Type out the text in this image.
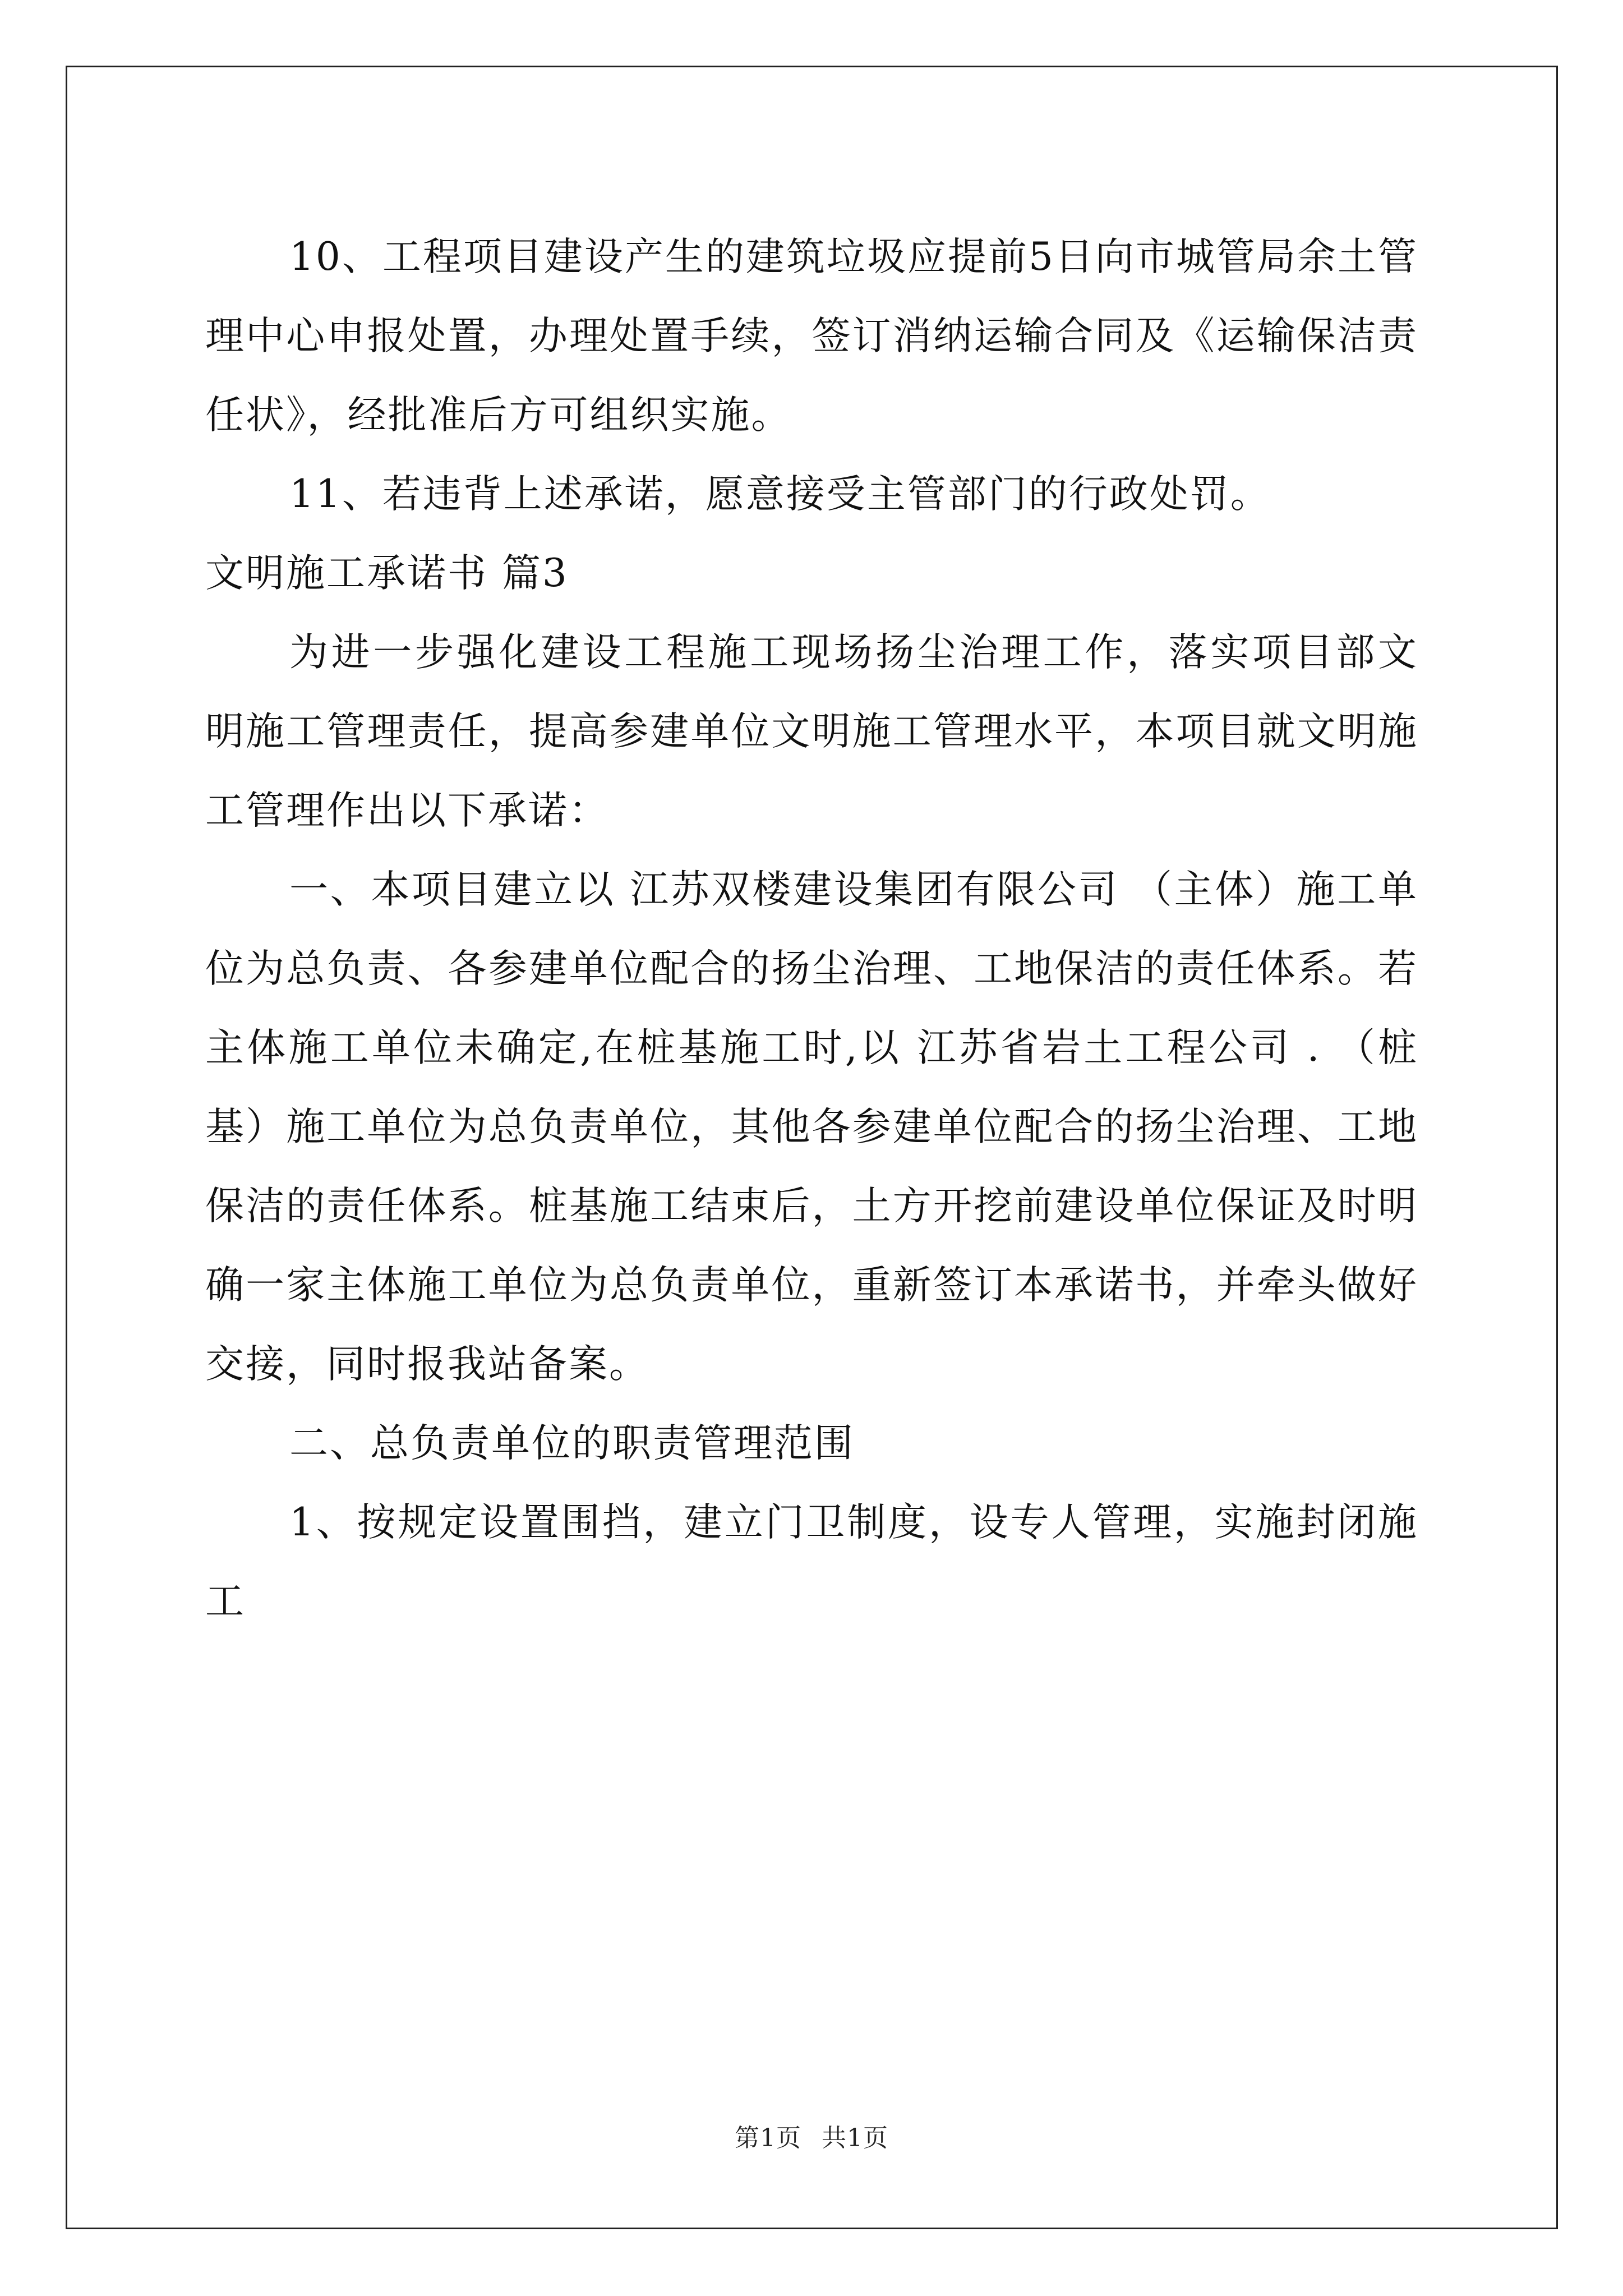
10、工程项目建设产生的建筑垃圾应提前5日向市城管局余土管理中心申报处置，办理处置手续，签订消纳运输合同及《运输保洁责任状》，经批准后方可组织实施。

11、若违背上述承诺，愿意接受主管部门的行政处罚。

文明施工承诺书 篇3

为进一步强化建设工程施工现场扬尘治理工作，落实项目部文明施工管理责任，提高参建单位文明施工管理水平，本项目就文明施工管理作出以下承诺：

一、本项目建立以 江苏双楼建设集团有限公司 （主体）施工单位为总负责、各参建单位配合的扬尘治理、工地保洁的责任体系。若主体施工单位未确定,在桩基施工时,以 江苏省岩土工程公司 . （桩基）施工单位为总负责单位，其他各参建单位配合的扬尘治理、工地保洁的责任体系。桩基施工结束后，土方开挖前建设单位保证及时明确一家主体施工单位为总负责单位，重新签订本承诺书，并牵头做好交接，同时报我站备案。

二、总负责单位的职责管理范围

1、按规定设置围挡，建立门卫制度，设专人管理，实施封闭施工

第1页 共1页
